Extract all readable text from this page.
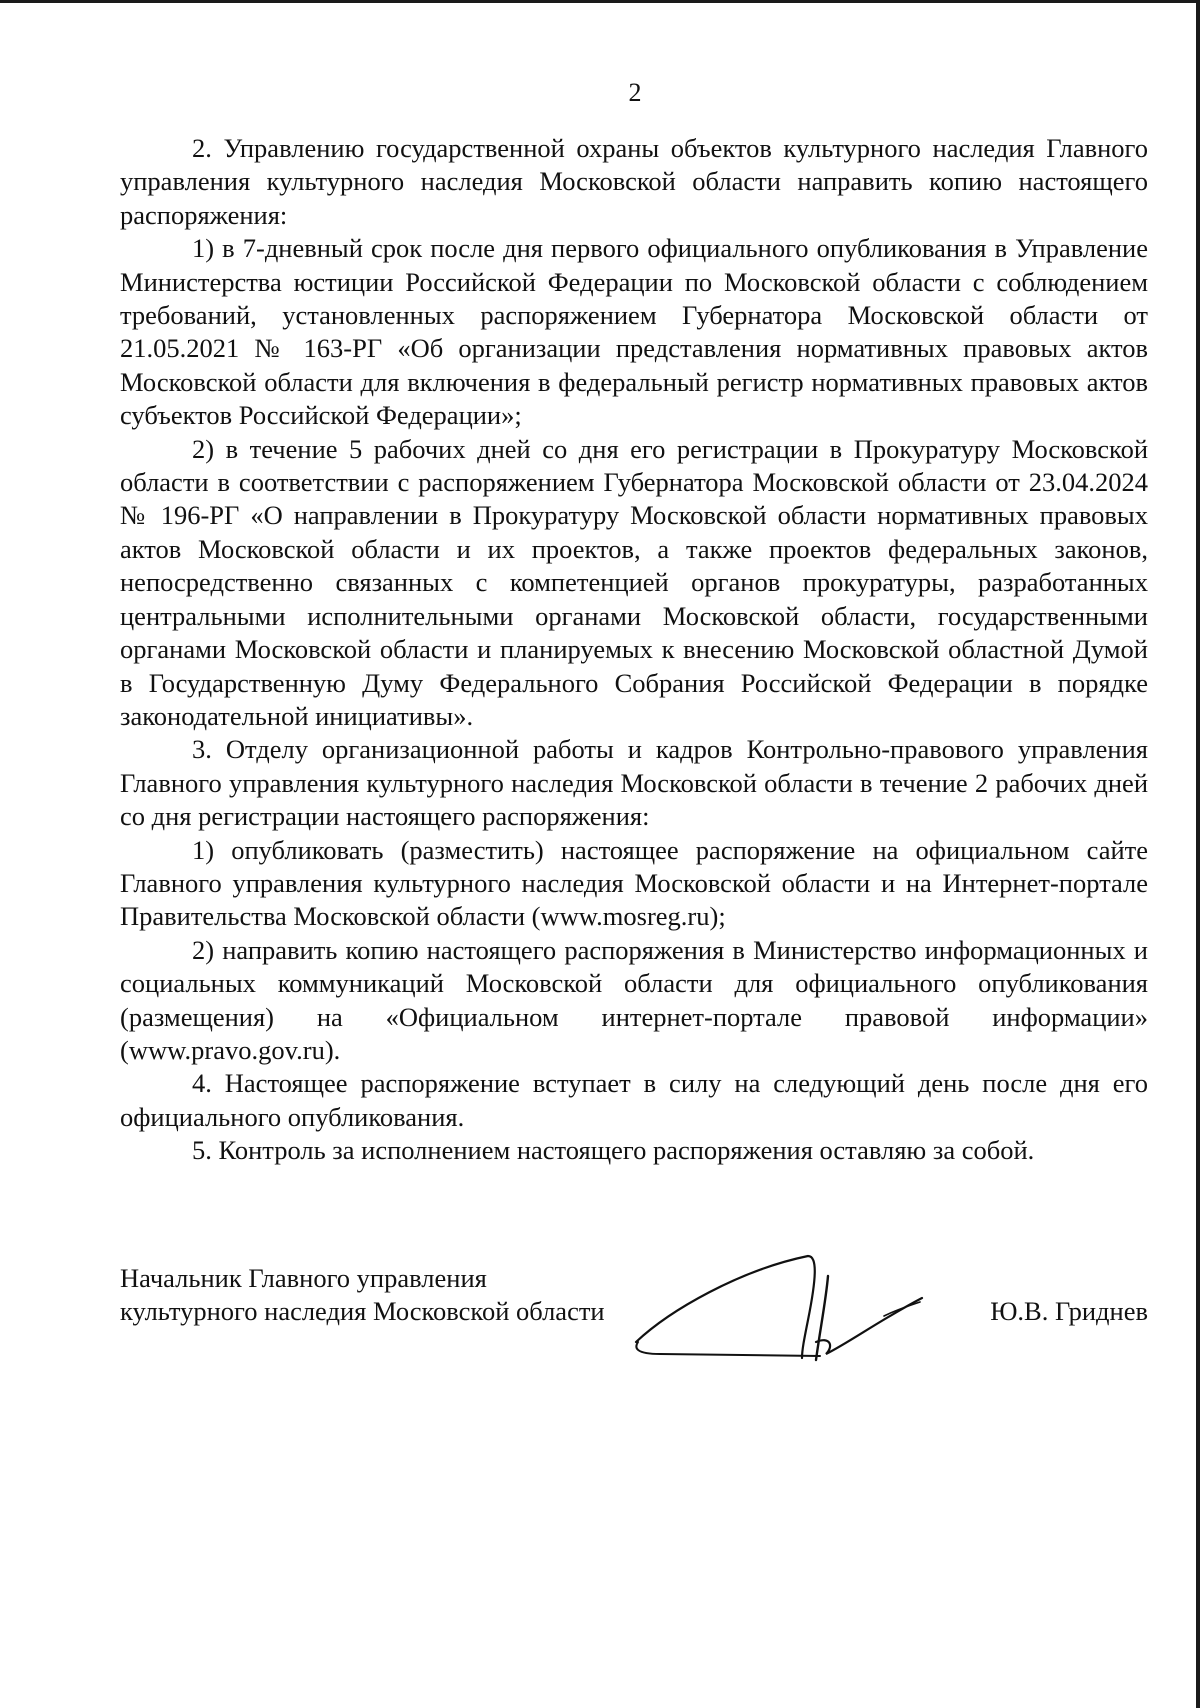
2

2. Управлению государственной охраны объектов культурного наследия Главного управления культурного наследия Московской области направить копию настоящего распоряжения:

1) в 7-дневный срок после дня первого официального опубликования в Управление Министерства юстиции Российской Федерации по Московской области с соблюдением требований, установленных распоряжением Губернатора Московской области от 21.05.2021 № 163-РГ «Об организации представления нормативных правовых актов Московской области для включения в федеральный регистр нормативных правовых актов субъектов Российской Федерации»;

2) в течение 5 рабочих дней со дня его регистрации в Прокуратуру Московской области в соответствии с распоряжением Губернатора Московской области от 23.04.2024 № 196-РГ «О направлении в Прокуратуру Московской области нормативных правовых актов Московской области и их проектов, а также проектов федеральных законов, непосредственно связанных с компетенцией органов прокуратуры, разработанных центральными исполнительными органами Московской области, государственными органами Московской области и планируемых к внесению Московской областной Думой в Государственную Думу Федерального Собрания Российской Федерации в порядке законодательной инициативы».

3. Отделу организационной работы и кадров Контрольно-правового управления Главного управления культурного наследия Московской области в течение 2 рабочих дней со дня регистрации настоящего распоряжения:

1) опубликовать (разместить) настоящее распоряжение на официальном сайте Главного управления культурного наследия Московской области и на Интернет-портале Правительства Московской области (www.mosreg.ru);

2) направить копию настоящего распоряжения в Министерство информационных и социальных коммуникаций Московской области для официального опубликования (размещения) на «Официальном интернет-портале правовой информации» (www.pravo.gov.ru).

4. Настоящее распоряжение вступает в силу на следующий день после дня его официального опубликования.

5. Контроль за исполнением настоящего распоряжения оставляю за собой.

Начальник Главного управления
культурного наследия Московской области	Ю.В. Гриднев
